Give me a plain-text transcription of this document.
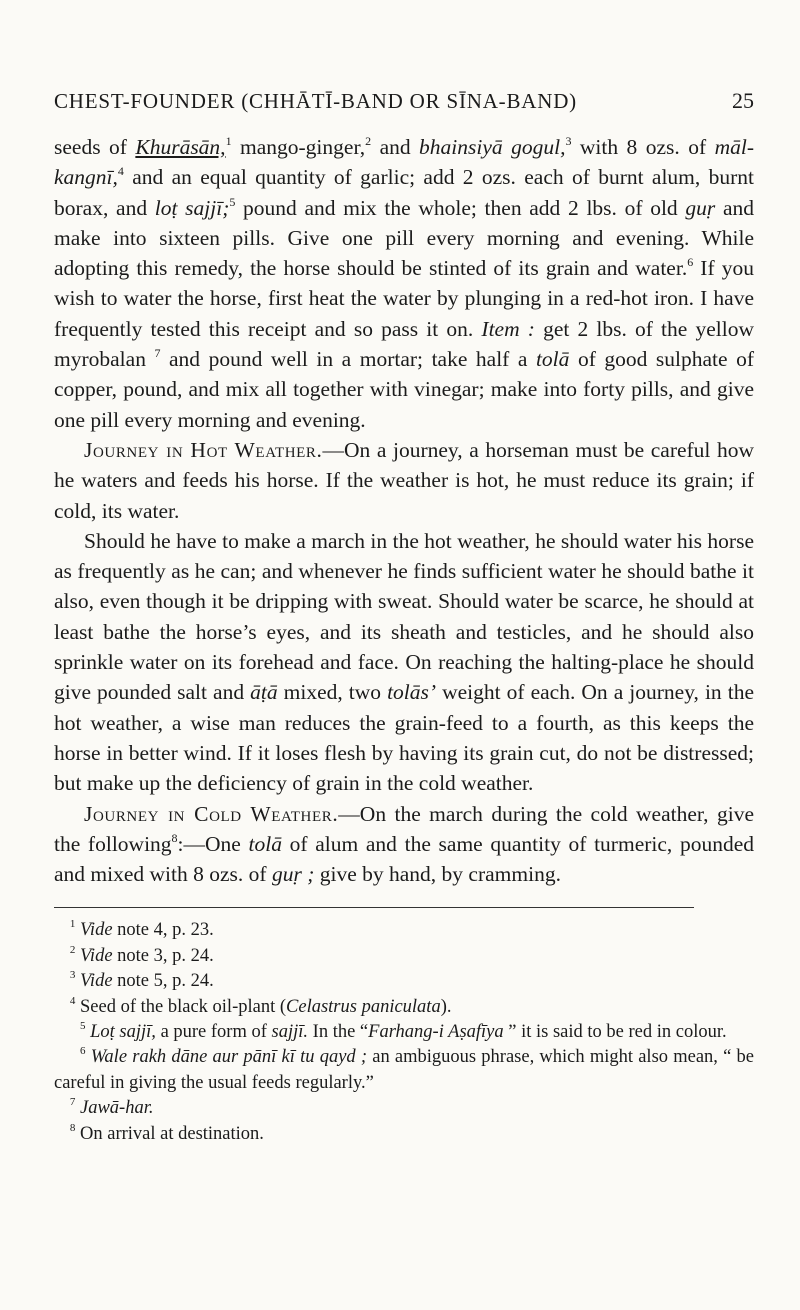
CHEST-FOUNDER (CHHĀTĪ-BAND OR SĪNA-BAND)	25

seeds of Khurāsān,$^1$ mango-ginger,$^2$ and bhainsiyā gogul,$^3$ with 8 ozs. of māl-kangnī,$^4$ and an equal quantity of garlic; add 2 ozs. each of burnt alum, burnt borax, and loṭ sajjī;$^5$ pound and mix the whole; then add 2 lbs. of old guṛ and make into sixteen pills. Give one pill every morning and evening. While adopting this remedy, the horse should be stinted of its grain and water.$^6$ If you wish to water the horse, first heat the water by plunging in a red-hot iron. I have frequently tested this receipt and so pass it on. Item : get 2 lbs. of the yellow myrobalan $^7$ and pound well in a mortar; take half a tolā of good sulphate of copper, pound, and mix all together with vinegar; make into forty pills, and give one pill every morning and evening.

Journey in Hot Weather.—On a journey, a horseman must be careful how he waters and feeds his horse. If the weather is hot, he must reduce its grain; if cold, its water.

Should he have to make a march in the hot weather, he should water his horse as frequently as he can; and whenever he finds sufficient water he should bathe it also, even though it be dripping with sweat. Should water be scarce, he should at least bathe the horse’s eyes, and its sheath and testicles, and he should also sprinkle water on its forehead and face. On reaching the halting-place he should give pounded salt and āṭā mixed, two tolās’ weight of each. On a journey, in the hot weather, a wise man reduces the grain-feed to a fourth, as this keeps the horse in better wind. If it loses flesh by having its grain cut, do not be distressed; but make up the deficiency of grain in the cold weather.

Journey in Cold Weather.—On the march during the cold weather, give the following$^8$:—One tolā of alum and the same quantity of turmeric, pounded and mixed with 8 ozs. of guṛ ; give by hand, by cramming.

$^1$ Vide note 4, p. 23.

$^2$ Vide note 3, p. 24.

$^3$ Vide note 5, p. 24.

$^4$ Seed of the black oil-plant (Celastrus paniculata).

$^5$ Loṭ sajjī, a pure form of sajjī. In the “Farhang-i Aṣafīya ” it is said to be red in colour.

$^6$ Wale rakh dāne aur pānī kī tu qayd ; an ambiguous phrase, which might also mean, “ be careful in giving the usual feeds regularly.”

$^7$ Jawā-har.

$^8$ On arrival at destination.
